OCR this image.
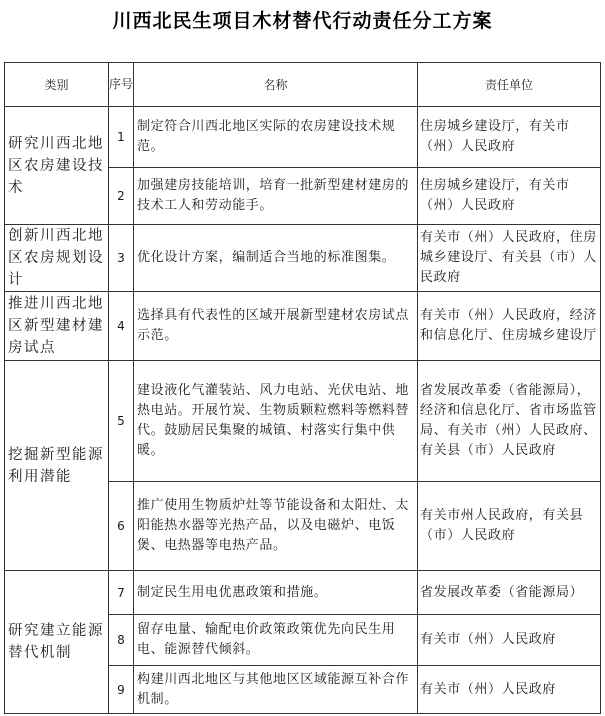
川西北民生项目木材替代行动责任分工方案
类别	序号	名称	责任单位
研究川西北地区农房建设技术	1	制定符合川西北地区实际的农房建设技术规范。	住房城乡建设厅，有关市（州）人民政府
	2	加强建房技能培训，培育一批新型建材建房的技术工人和劳动能手。	住房城乡建设厅，有关市（州）人民政府
创新川西北地区农房规划设计	3	优化设计方案，编制适合当地的标准图集。	有关市（州）人民政府，住房城乡建设厅、有关县（市）人民政府
推进川西北地区新型建材建房试点	4	选择具有代表性的区域开展新型建材农房试点示范。	有关市（州）人民政府，经济和信息化厅、住房城乡建设厅
挖掘新型能源利用潜能	5	建设液化气灌装站、风力电站、光伏电站、地热电站。开展竹炭、生物质颗粒燃料等燃料替代。鼓励居民集聚的城镇、村落实行集中供暖。	省发展改革委（省能源局），经济和信息化厅、省市场监管局、有关市（州）人民政府、有关县（市）人民政府
	6	推广使用生物质炉灶等节能设备和太阳灶、太阳能热水器等光热产品，以及电磁炉、电饭煲、电热器等电热产品。	有关市州人民政府，有关县（市）人民政府
研究建立能源替代机制	7	制定民生用电优惠政策和措施。	省发展改革委（省能源局）
	8	留存电量、输配电价政策政策优先向民生用电、能源替代倾斜。	有关市（州）人民政府
	9	构建川西北地区与其他地区区域能源互补合作机制。	有关市（州）人民政府
